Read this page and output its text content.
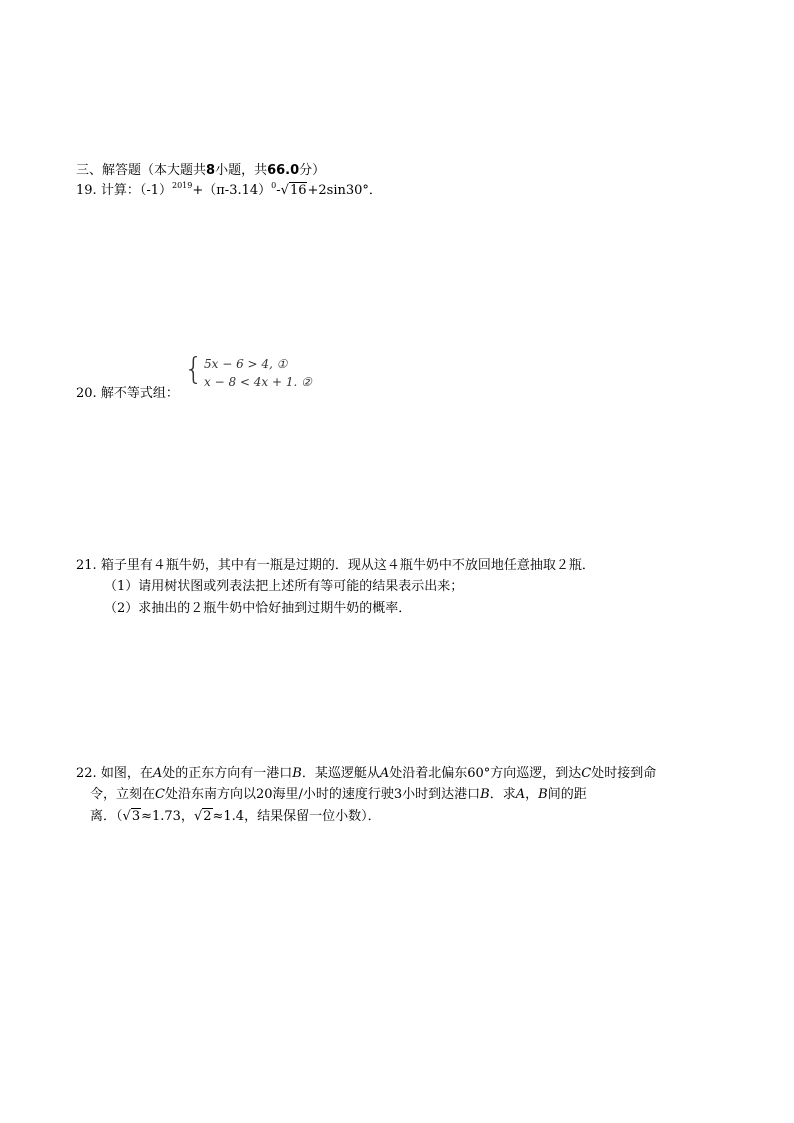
三、解答题（本大题共8小题，共66.0分）
19. 计算：$(-1)^{2019}+(\pi-3.14)^0-√16+2\sin 30^\circ$．
{ 5x − 6 > 4, ①
x − 8 < 4x + 1. ②
20. 解不等式组：
21. 箱子里有４瓶牛奶，其中有一瓶是过期的．现从这４瓶牛奶中不放回地任意抽取２瓶．
（1）请用树状图或列表法把上述所有等可能的结果表示出来；
（2）求抽出的２瓶牛奶中恰好抽到过期牛奶的概率．
22. 如图，在A处的正东方向有一港口B．某巡逻艇从A处沿着北偏东60°方向巡逻，到达C处时接到命
令，立刻在C处沿东南方向以20海里/小时的速度行驶3小时到达港口B．求A，B间的距
离．（√3≈1.73，√2≈1.4，结果保留一位小数）．
